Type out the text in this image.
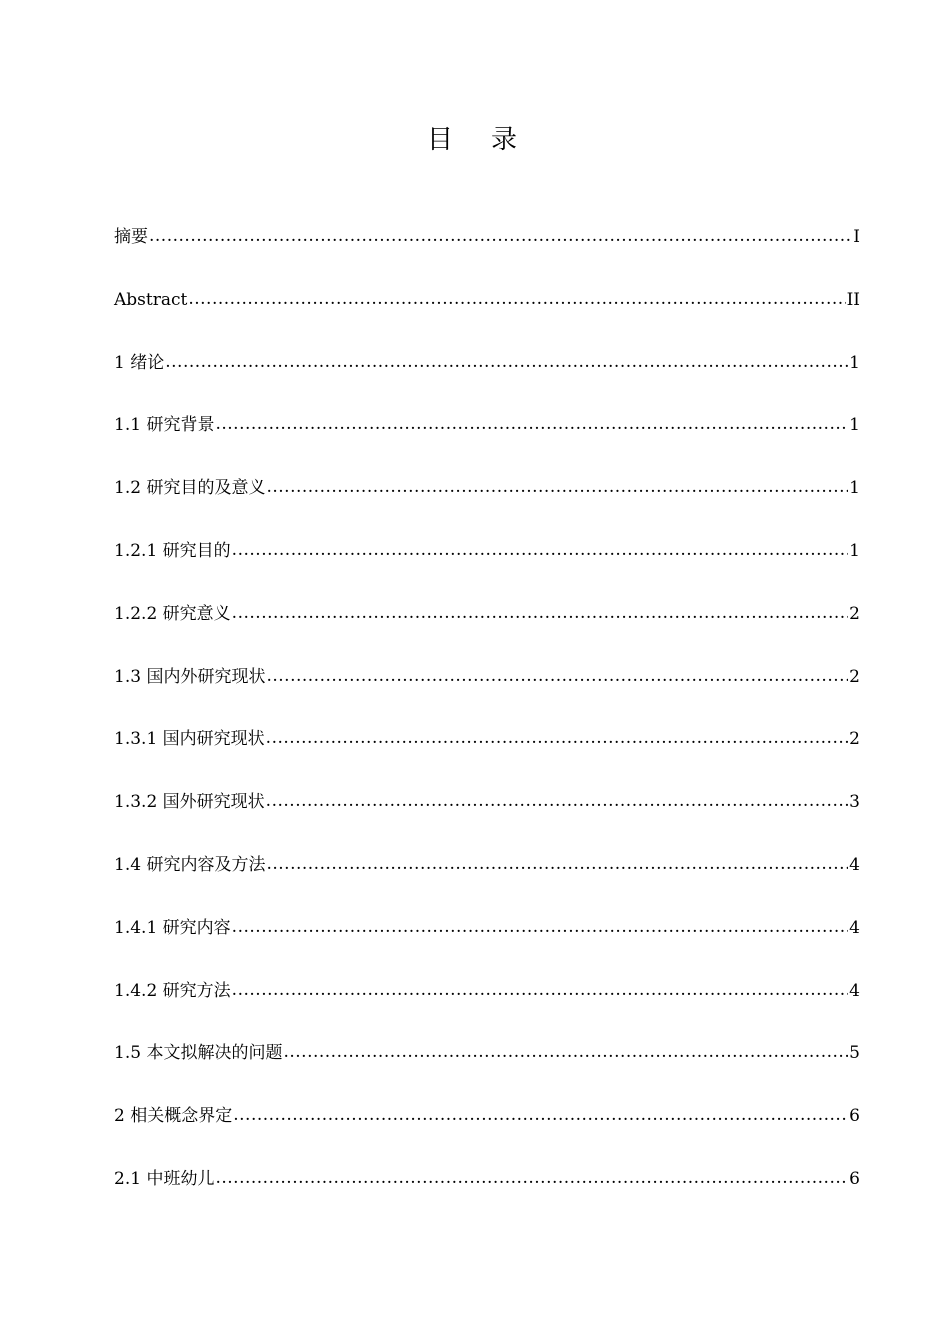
目　录
摘要 .....	I
Abstract .....	II
1 绪论 .....	1
1.1 研究背景 .....	1
1.2 研究目的及意义 .....	1
1.2.1 研究目的 .....	1
1.2.2 研究意义 .....	2
1.3 国内外研究现状 .....	2
1.3.1 国内研究现状 .....	2
1.3.2 国外研究现状 .....	3
1.4 研究内容及方法 .....	4
1.4.1 研究内容 .....	4
1.4.2 研究方法 .....	4
1.5 本文拟解决的问题 .....	5
2 相关概念界定 .....	6
2.1 中班幼儿 .....	6
